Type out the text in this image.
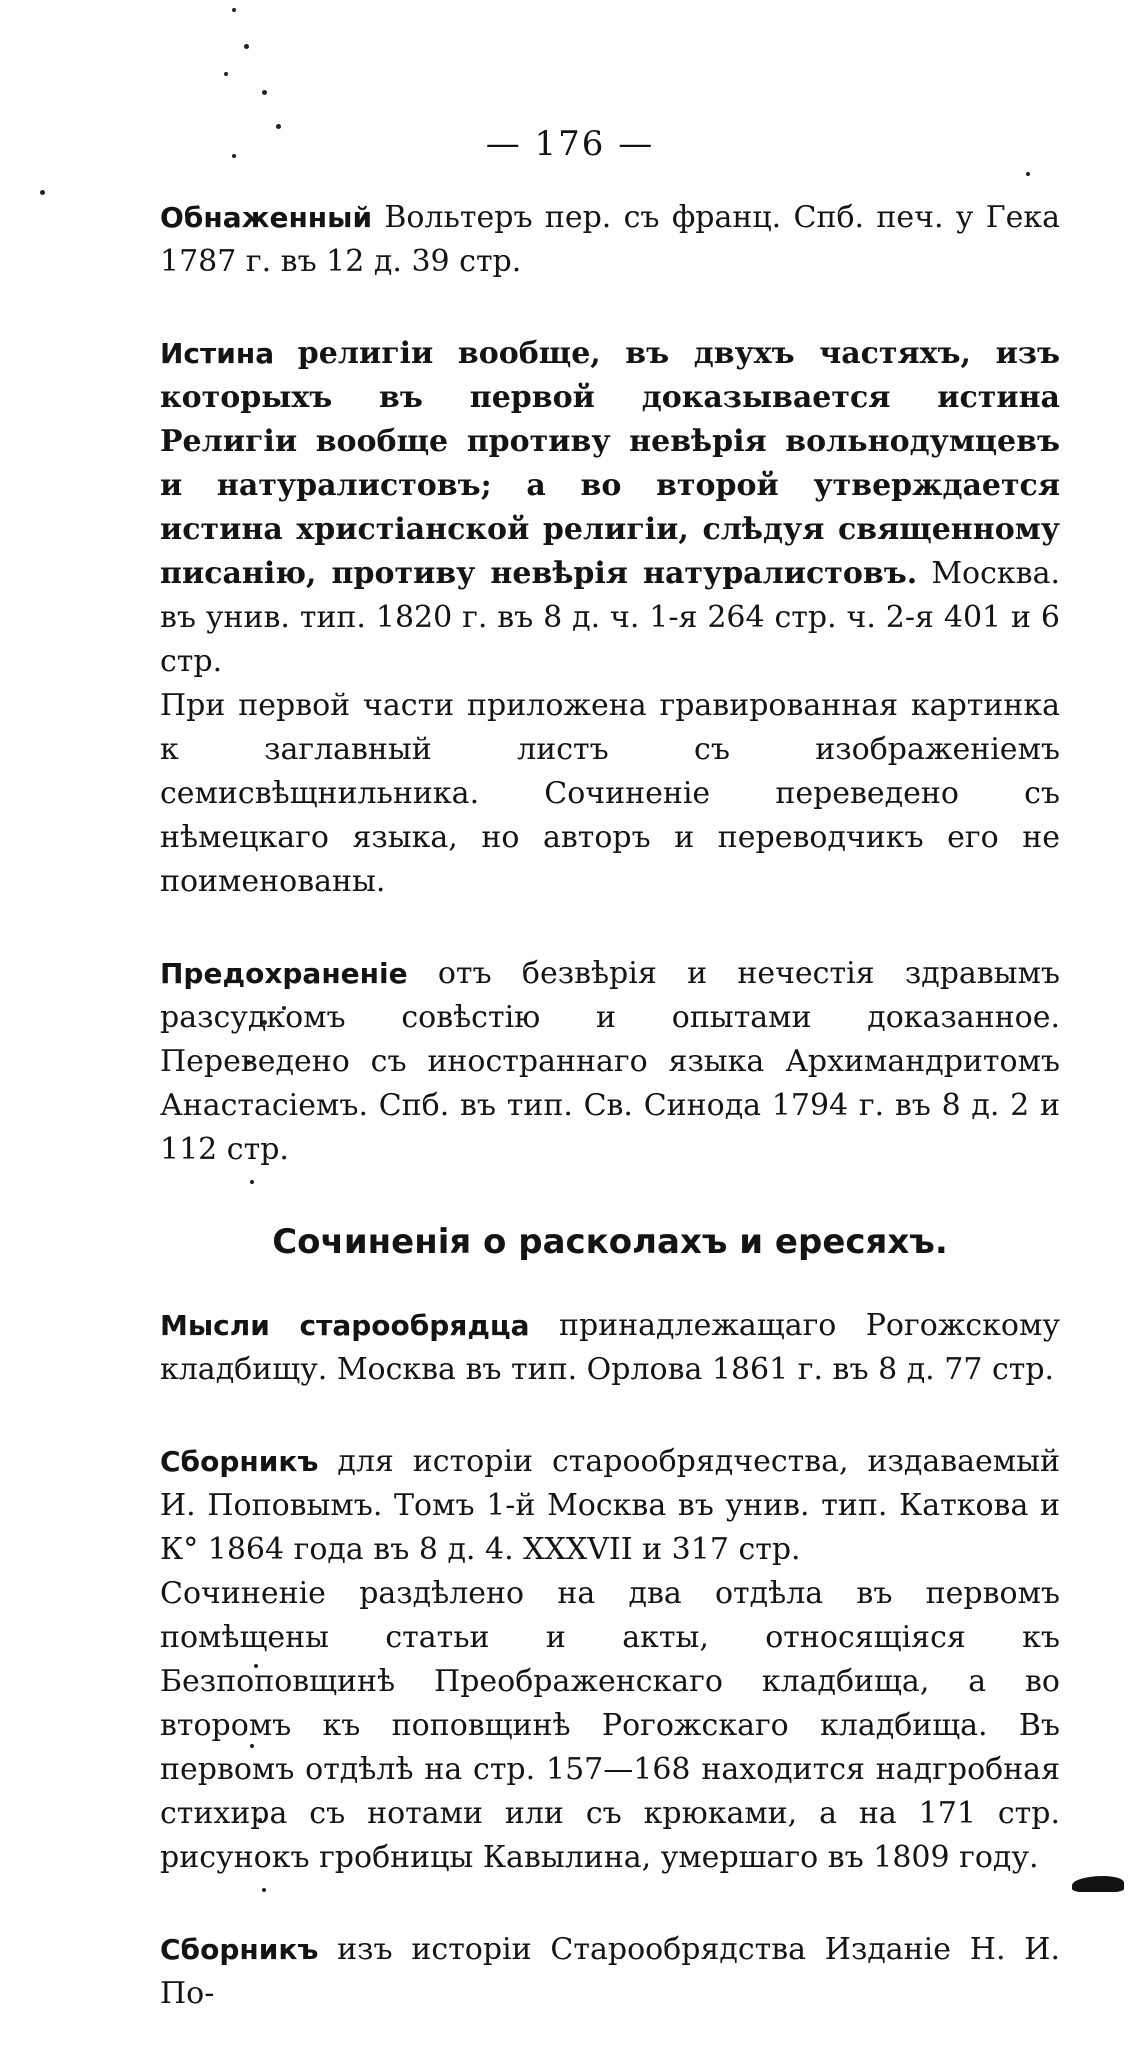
— 176 —

Обнаженный Вольтеръ пер. съ франц. Спб. печ. у Гека 1787 г. въ 12 д. 39 стр.

Истина религіи вообще, въ двухъ частяхъ, изъ которыхъ въ первой доказывается истина Религіи вообще противу невѣрія вольнодумцевъ и натуралистовъ; а во второй утверждается истина христіанской религіи, слѣдуя священному писанію, противу невѣрія натуралистовъ. Москва. въ унив. тип. 1820 г. въ 8 д. ч. 1-я 264 стр. ч. 2-я 401 и 6 стр.
При первой части приложена гравированная картинка к заглавный листъ съ изображеніемъ семисвѣщнильника. Сочиненіе переведено съ нѣмецкаго языка, но авторъ и переводчикъ его не поименованы.

Предохраненіе отъ безвѣрія и нечестія здравымъ разсудкомъ совѣстію и опытами доказанное. Переведено съ иностраннаго языка Архимандритомъ Анастасіемъ. Спб. въ тип. Св. Синода 1794 г. въ 8 д. 2 и 112 стр.

Сочиненія о расколахъ и ересяхъ.

Мысли старообрядца принадлежащаго Рогожскому кладбищу. Москва въ тип. Орлова 1861 г. въ 8 д. 77 стр.

Сборникъ для исторіи старообрядчества, издаваемый И. Поповымъ. Томъ 1-й Москва въ унив. тип. Каткова и К° 1864 года въ 8 д. 4. XXXVII и 317 стр.
Сочиненіе раздѣлено на два отдѣла въ первомъ помѣщены статьи и акты, относящіяся къ Безпоповщинѣ Преображенскаго кладбища, а во второмъ къ поповщинѣ Рогожскаго кладбища. Въ первомъ отдѣлѣ на стр. 157—168 находится надгробная стихира съ нотами или съ крюками, а на 171 стр. рисунокъ гробницы Кавылина, умершаго въ 1809 году.

Сборникъ изъ исторіи Старообрядства Изданіе Н. И. По-
